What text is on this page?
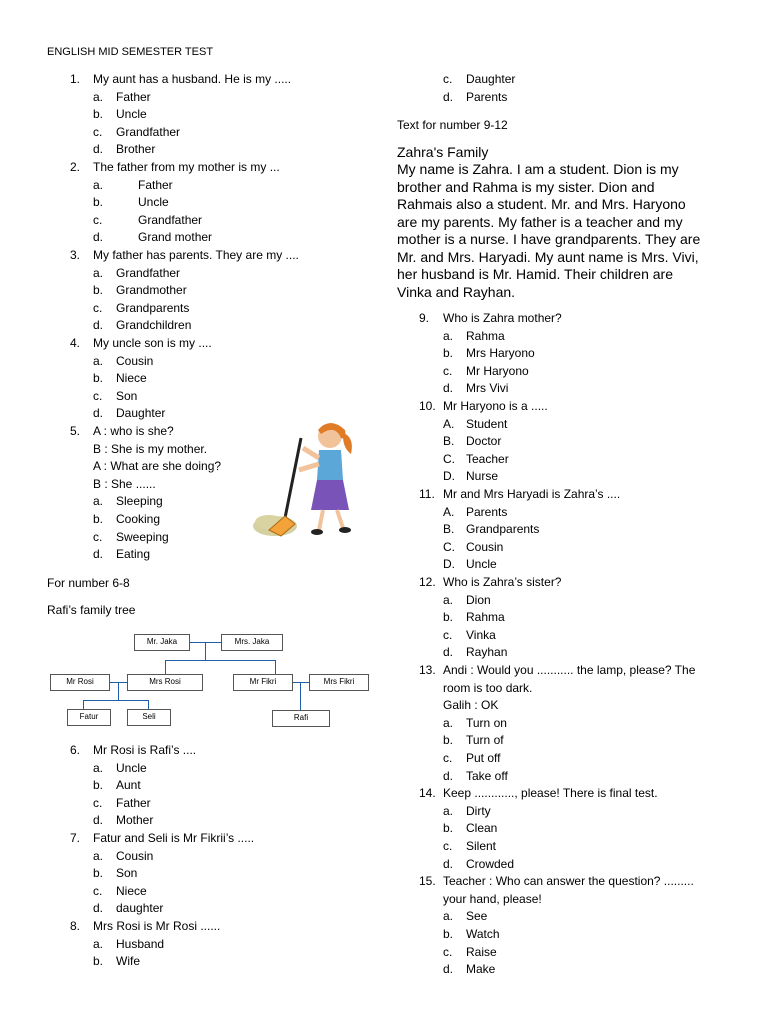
ENGLISH MID SEMESTER TEST
1. My aunt has a husband. He is my .....
a. Father
b. Uncle
c. Grandfather
d. Brother
2. The father from my mother is my ...
a.	Father
b.	Uncle
c.	Grandfather
d.	Grand mother
3. My father has parents. They are my ....
a. Grandfather
b. Grandmother
c. Grandparents
d. Grandchildren
4. My uncle son is my ....
a. Cousin
b. Niece
c. Son
d. Daughter
5. A : who is she?
B : She is my mother.
A : What are she doing?
B : She ......
a. Sleeping
b. Cooking
c. Sweeping
d. Eating
For number 6-8
Rafi’s family tree
Mr. Jaka	Mrs. Jaka
Mr Rosi	Mrs Rosi	Mr Fikri	Mrs Fikri
Fatur	Seli	Rafi
6. Mr Rosi is Rafi’s ....
a. Uncle
b. Aunt
c. Father
d. Mother
7. Fatur and Seli is Mr Fikrii’s .....
a. Cousin
b. Son
c. Niece
d. daughter
8. Mrs Rosi is Mr Rosi ......
a. Husband
b. Wife
c. Daughter
d. Parents
Text for number 9-12
Zahra's Family
My name is Zahra. I am a student. Dion is my
brother and Rahma is my sister. Dion and
Rahmais also a student. Mr. and Mrs. Haryono
are my parents. My father is a teacher and my
mother is a nurse. I have grandparents. They are
Mr. and Mrs. Haryadi. My aunt name is Mrs. Vivi,
her husband is Mr. Hamid. Their children are
Vinka and Rayhan.
9. Who is Zahra mother?
a. Rahma
b. Mrs Haryono
c. Mr Haryono
d. Mrs Vivi
10. Mr Haryono is a .....
A. Student
B. Doctor
C. Teacher
D. Nurse
11. Mr and Mrs Haryadi is Zahra’s ....
A. Parents
B. Grandparents
C. Cousin
D. Uncle
12. Who is Zahra’s sister?
a. Dion
b. Rahma
c. Vinka
d. Rayhan
13. Andi : Would you ........... the lamp, please? The
room is too dark.
Galih : OK
a. Turn on
b. Turn of
c. Put off
d. Take off
14. Keep ............, please! There is final test.
a. Dirty
b. Clean
c. Silent
d. Crowded
15. Teacher : Who can answer the question? .........
your hand, please!
a. See
b. Watch
c. Raise
d. Make
